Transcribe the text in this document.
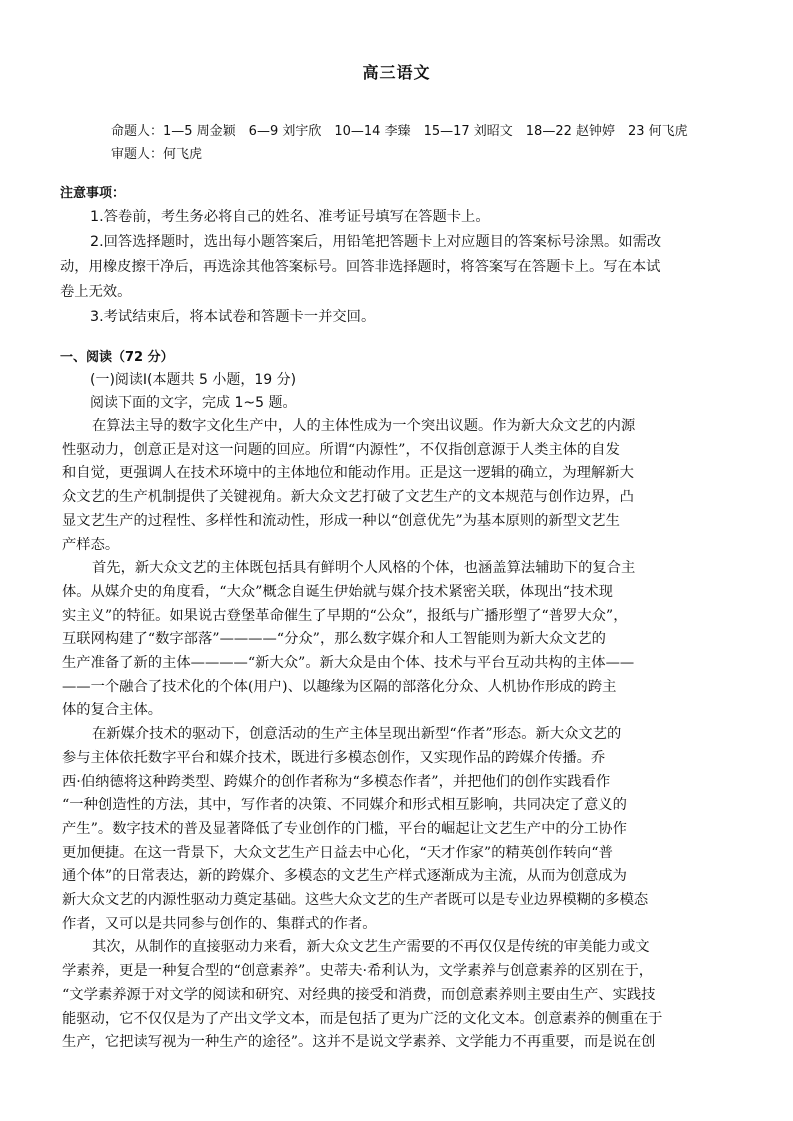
高三语文
命题人：1—5 周金颖　6—9 刘宇欣　10—14 李臻　15—17 刘昭文　18—22 赵钟婷　23 何飞虎
审题人：何飞虎
注意事项：
1.答卷前，考生务必将自己的姓名、准考证号填写在答题卡上。
2.回答选择题时，选出每小题答案后，用铅笔把答题卡上对应题目的答案标号涂黑。如需改
动，用橡皮擦干净后，再选涂其他答案标号。回答非选择题时，将答案写在答题卡上。写在本试
卷上无效。
3.考试结束后，将本试卷和答题卡一并交回。
一、阅读（72 分）
(一)阅读Ⅰ(本题共 5 小题，19 分)
阅读下面的文字，完成 1~5 题。
在算法主导的数字文化生产中，人的主体性成为一个突出议题。作为新大众文艺的内源
性驱动力，创意正是对这一问题的回应。所谓“内源性”，不仅指创意源于人类主体的自发
和自觉，更强调人在技术环境中的主体地位和能动作用。正是这一逻辑的确立，为理解新大
众文艺的生产机制提供了关键视角。新大众文艺打破了文艺生产的文本规范与创作边界，凸
显文艺生产的过程性、多样性和流动性，形成一种以“创意优先”为基本原则的新型文艺生
产样态。
首先，新大众文艺的主体既包括具有鲜明个人风格的个体，也涵盖算法辅助下的复合主
体。从媒介史的角度看，“大众”概念自诞生伊始就与媒介技术紧密关联，体现出“技术现
实主义”的特征。如果说古登堡革命催生了早期的“公众”，报纸与广播形塑了“普罗大众”，
互联网构建了“数字部落”————“分众”，那么数字媒介和人工智能则为新大众文艺的
生产准备了新的主体————“新大众”。新大众是由个体、技术与平台互动共构的主体——
——一个融合了技术化的个体(用户)、以趣缘为区隔的部落化分众、人机协作形成的跨主
体的复合主体。
在新媒介技术的驱动下，创意活动的生产主体呈现出新型“作者”形态。新大众文艺的
参与主体依托数字平台和媒介技术，既进行多模态创作，又实现作品的跨媒介传播。乔
西·伯纳德将这种跨类型、跨媒介的创作者称为“多模态作者”，并把他们的创作实践看作
“一种创造性的方法，其中，写作者的决策、不同媒介和形式相互影响，共同决定了意义的
产生”。数字技术的普及显著降低了专业创作的门槛，平台的崛起让文艺生产中的分工协作
更加便捷。在这一背景下，大众文艺生产日益去中心化，“天才作家”的精英创作转向“普
通个体”的日常表达，新的跨媒介、多模态的文艺生产样式逐渐成为主流，从而为创意成为
新大众文艺的内源性驱动力奠定基础。这些大众文艺的生产者既可以是专业边界模糊的多模态
作者，又可以是共同参与创作的、集群式的作者。
其次，从制作的直接驱动力来看，新大众文艺生产需要的不再仅仅是传统的审美能力或文
学素养，更是一种复合型的“创意素养”。史蒂夫·希利认为，文学素养与创意素养的区别在于，
“文学素养源于对文学的阅读和研究、对经典的接受和消费，而创意素养则主要由生产、实践技
能驱动，它不仅仅是为了产出文学文本，而是包括了更为广泛的文化文本。创意素养的侧重在于
生产，它把读写视为一种生产的途径”。这并不是说文学素养、文学能力不再重要，而是说在创
